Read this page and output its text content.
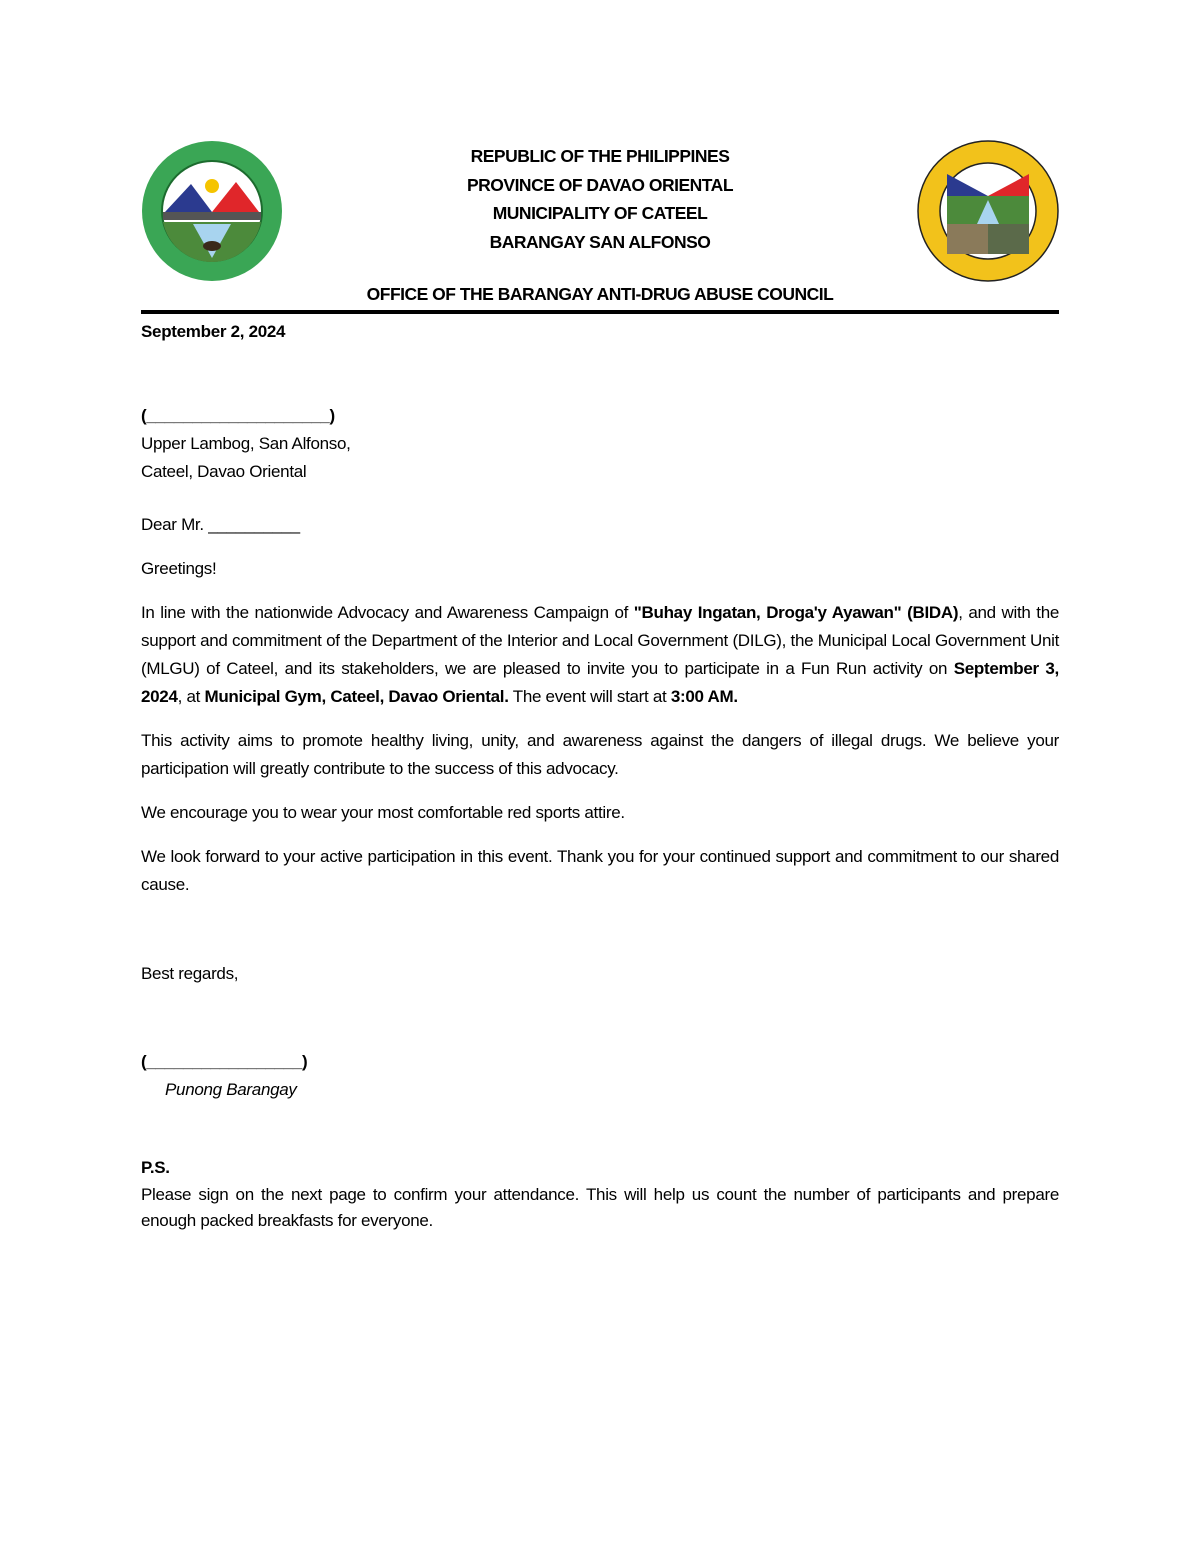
REPUBLIC OF THE PHILIPPINES
PROVINCE OF DAVAO ORIENTAL
MUNICIPALITY OF CATEEL
BARANGAY SAN ALFONSO
OFFICE OF THE BARANGAY ANTI-DRUG ABUSE COUNCIL

September 2, 2024

(____________________)

Upper Lambog, San Alfonso,

Cateel, Davao Oriental

Dear Mr. __________

Greetings!

In line with the nationwide Advocacy and Awareness Campaign of "Buhay Ingatan, Droga'y Ayawan" (BIDA), and with the support and commitment of the Department of the Interior and Local Government (DILG), the Municipal Local Government Unit (MLGU) of Cateel, and its stakeholders, we are pleased to invite you to participate in a Fun Run activity on September 3, 2024, at Municipal Gym, Cateel, Davao Oriental. The event will start at 3:00 AM.

This activity aims to promote healthy living, unity, and awareness against the dangers of illegal drugs. We believe your participation will greatly contribute to the success of this advocacy.

We encourage you to wear your most comfortable red sports attire.

We look forward to your active participation in this event. Thank you for your continued support and commitment to our shared cause.

Best regards,

(_________________)

Punong Barangay

P.S.

Please sign on the next page to confirm your attendance. This will help us count the number of participants and prepare enough packed breakfasts for everyone.
